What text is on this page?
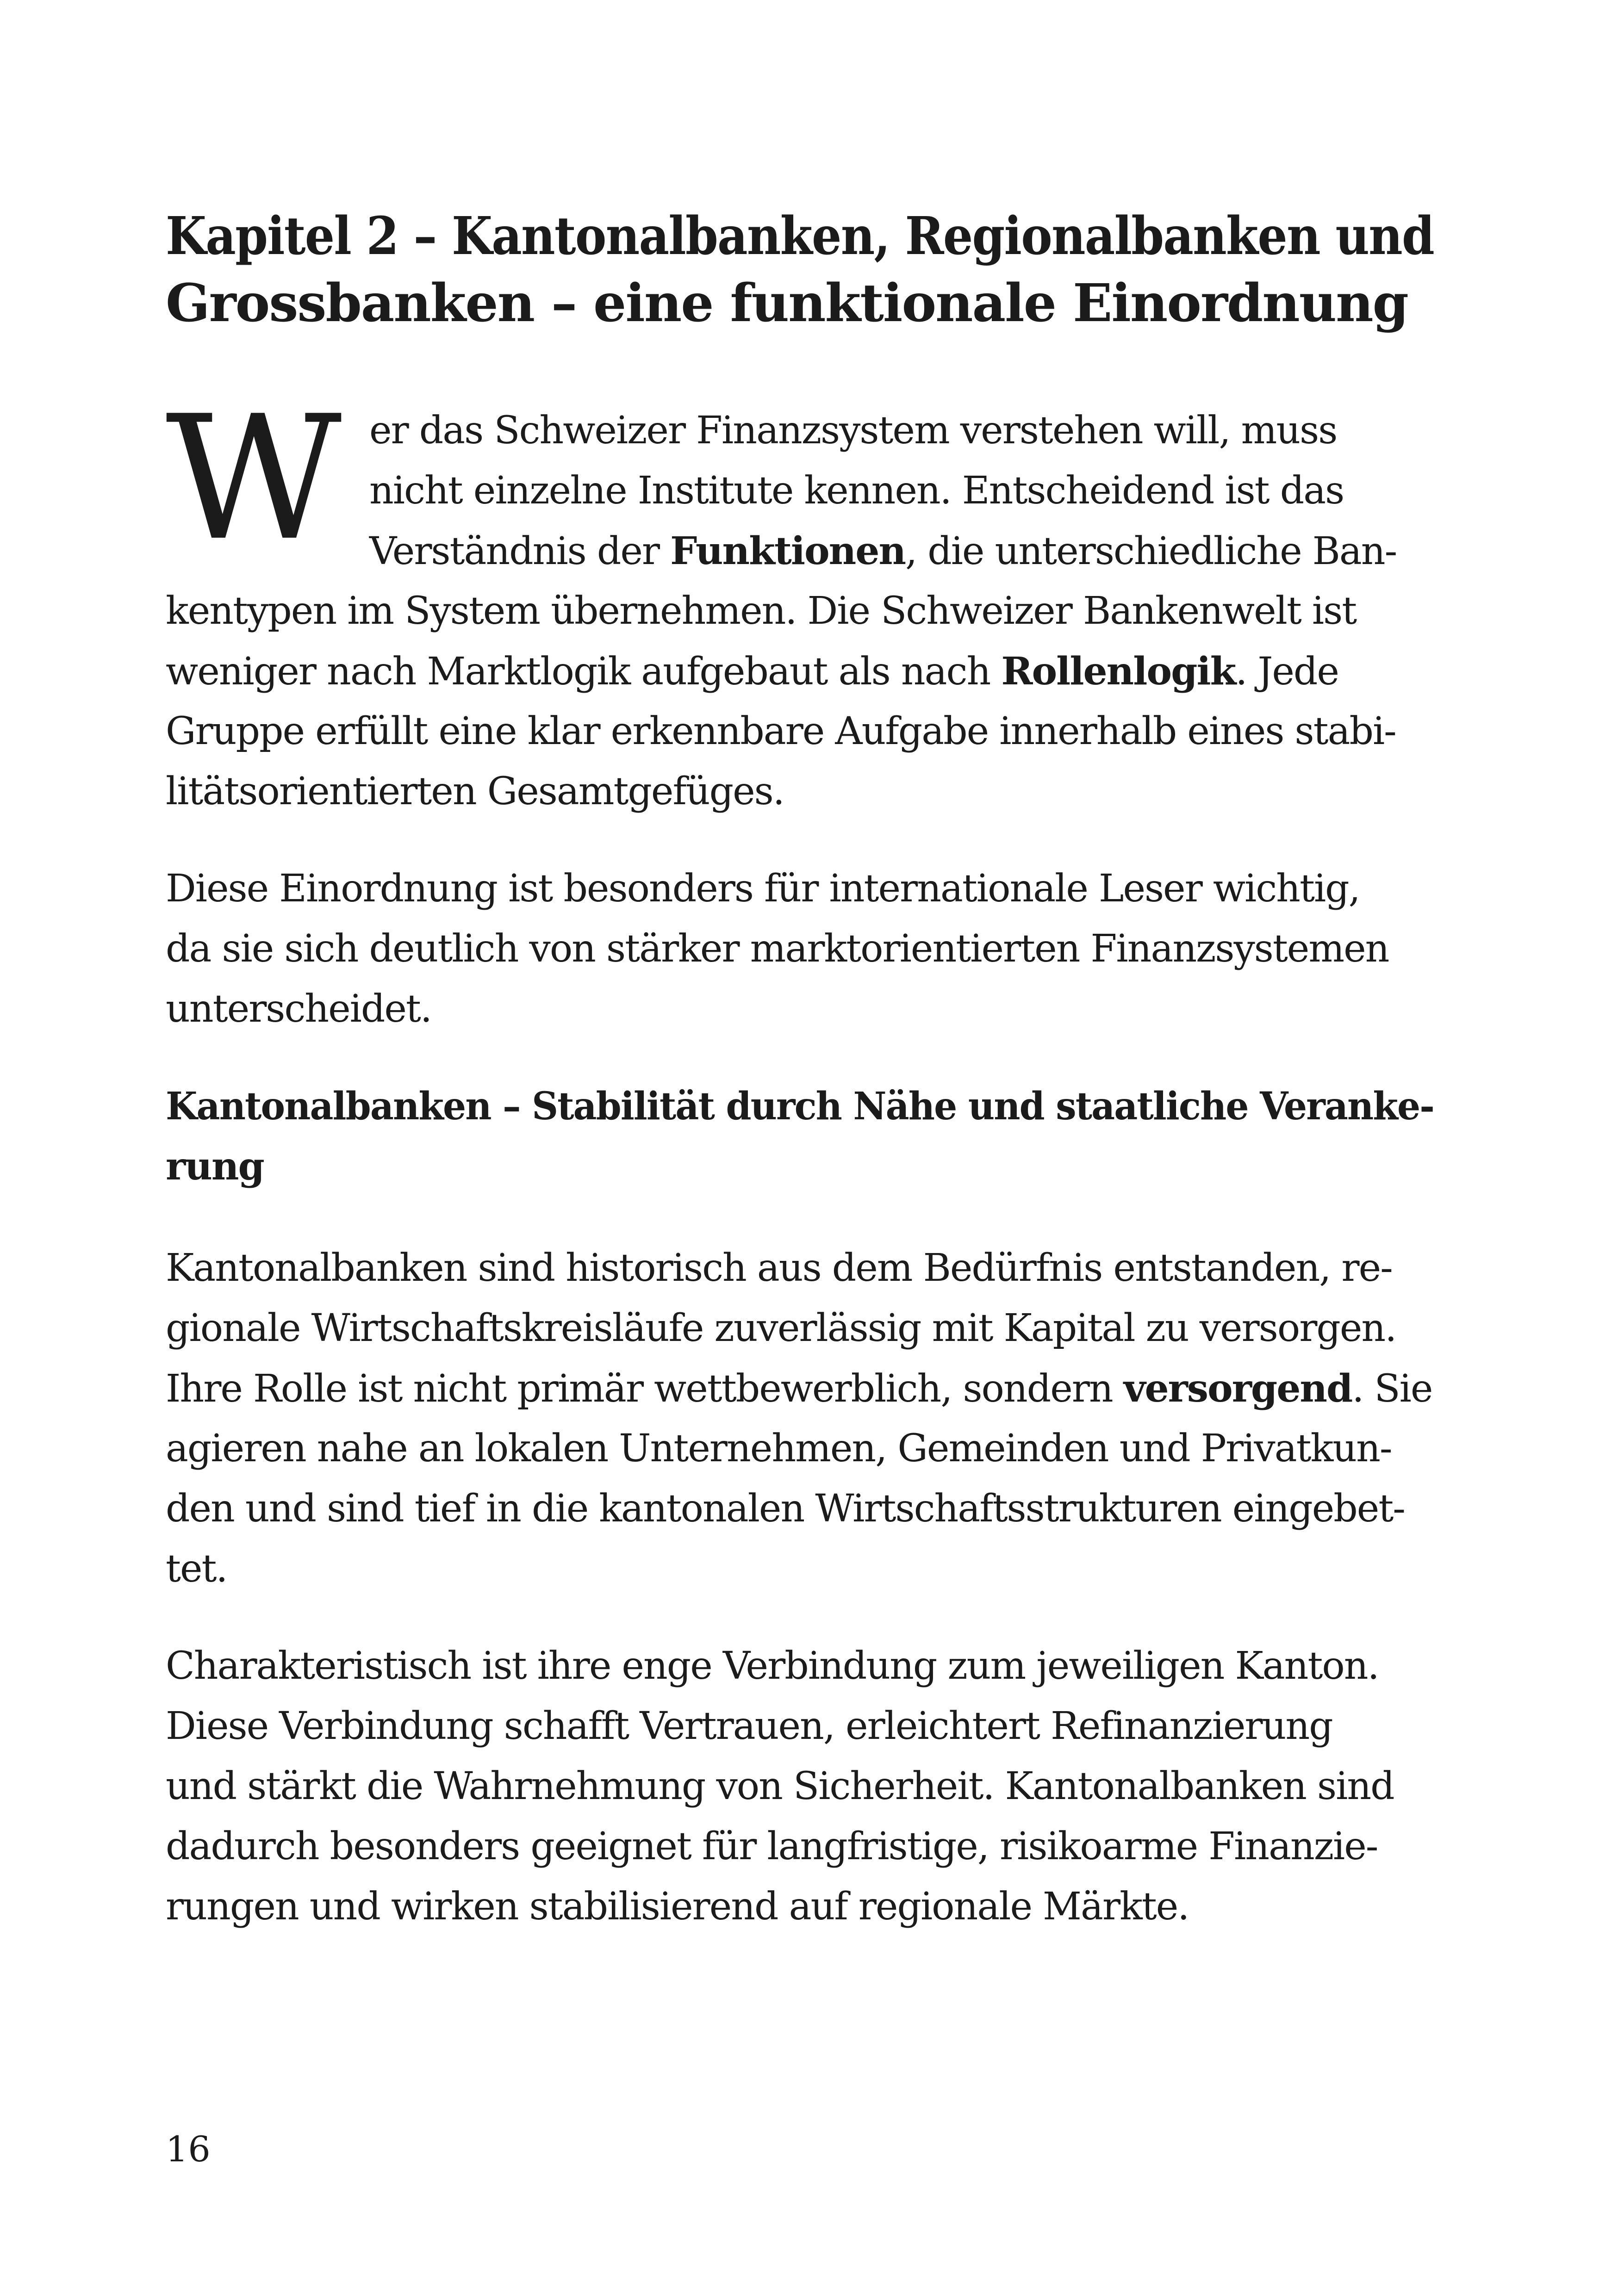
Kapitel 2 – Kantonalbanken, Regionalbanken und
Grossbanken – eine funktionale Einordnung
W er das Schweizer Finanzsystem verstehen will, muss
nicht einzelne Institute kennen. Entscheidend ist das
Verständnis der Funktionen, die unterschiedliche Ban-
kentypen im System übernehmen. Die Schweizer Bankenwelt ist
weniger nach Marktlogik aufgebaut als nach Rollenlogik. Jede
Gruppe erfüllt eine klar erkennbare Aufgabe innerhalb eines stabi-
litätsorientierten Gesamtgefüges.
Diese Einordnung ist besonders für internationale Leser wichtig,
da sie sich deutlich von stärker marktorientierten Finanzsystemen
unterscheidet.
Kantonalbanken – Stabilität durch Nähe und staatliche Veranke-
rung
Kantonalbanken sind historisch aus dem Bedürfnis entstanden, re-
gionale Wirtschaftskreisläufe zuverlässig mit Kapital zu versorgen.
Ihre Rolle ist nicht primär wettbewerblich, sondern versorgend. Sie
agieren nahe an lokalen Unternehmen, Gemeinden und Privatkun-
den und sind tief in die kantonalen Wirtschaftsstrukturen eingebet-
tet.
Charakteristisch ist ihre enge Verbindung zum jeweiligen Kanton.
Diese Verbindung schafft Vertrauen, erleichtert Refinanzierung
und stärkt die Wahrnehmung von Sicherheit. Kantonalbanken sind
dadurch besonders geeignet für langfristige, risikoarme Finanzie-
rungen und wirken stabilisierend auf regionale Märkte.
16
